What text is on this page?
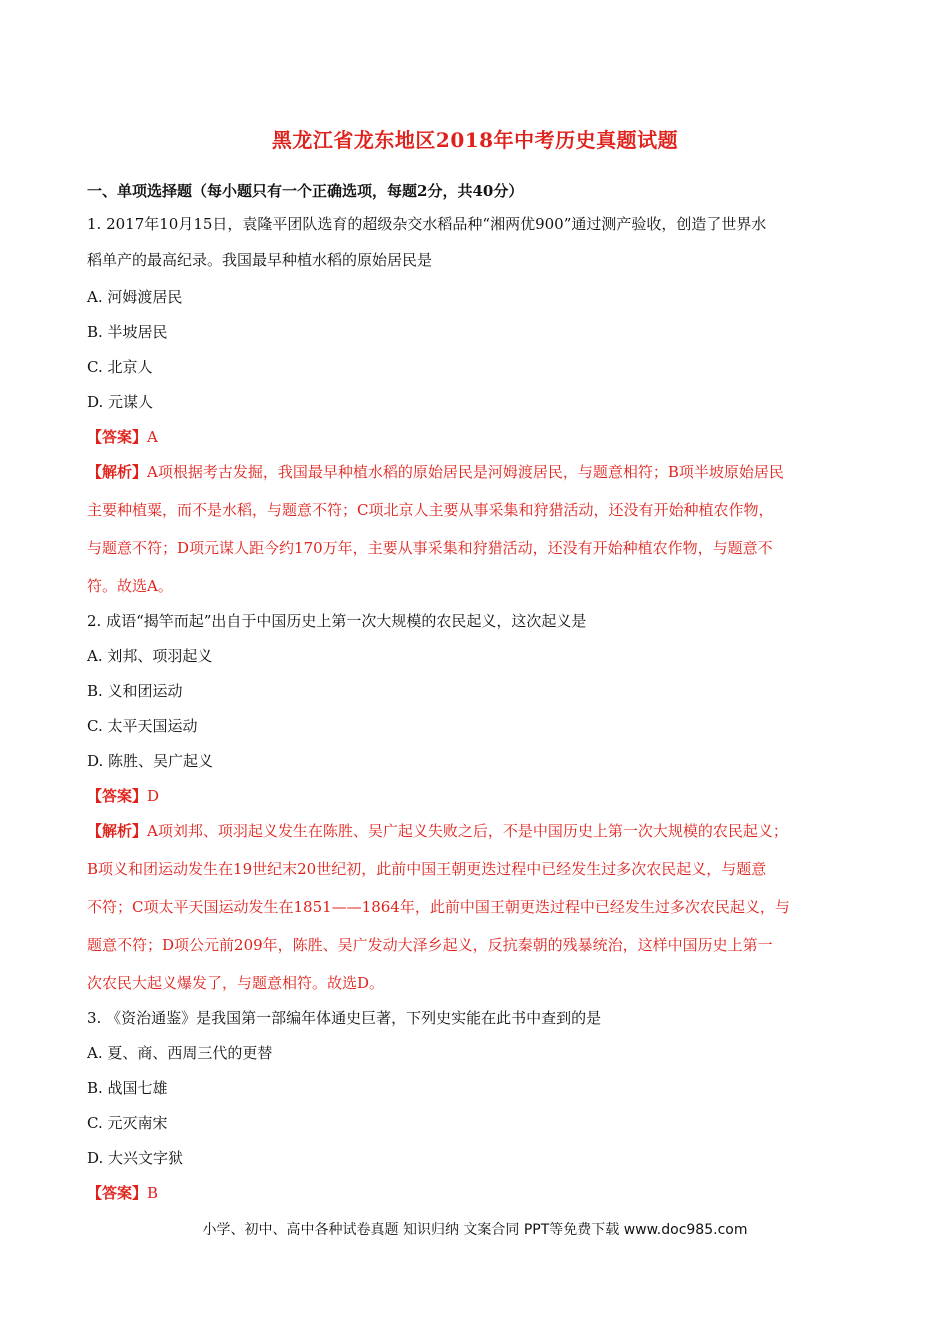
黑龙江省龙东地区2018年中考历史真题试题
一、单项选择题（每小题只有一个正确选项，每题2分，共40分）
1. 2017年10月15日，袁隆平团队选育的超级杂交水稻品种“湘两优900”通过测产验收，创造了世界水
稻单产的最高纪录。我国最早种植水稻的原始居民是
A. 河姆渡居民
B. 半坡居民
C. 北京人
D. 元谋人
【答案】A
【解析】A项根据考古发掘，我国最早种植水稻的原始居民是河姆渡居民，与题意相符；B项半坡原始居民
主要种植粟，而不是水稻，与题意不符；C项北京人主要从事采集和狩猎活动，还没有开始种植农作物，
与题意不符；D项元谋人距今约170万年，主要从事采集和狩猎活动，还没有开始种植农作物，与题意不
符。故选A。
2. 成语“揭竿而起”出自于中国历史上第一次大规模的农民起义，这次起义是
A. 刘邦、项羽起义
B. 义和团运动
C. 太平天国运动
D. 陈胜、吴广起义
【答案】D
【解析】A项刘邦、项羽起义发生在陈胜、吴广起义失败之后，不是中国历史上第一次大规模的农民起义；
B项义和团运动发生在19世纪末20世纪初，此前中国王朝更迭过程中已经发生过多次农民起义，与题意
不符；C项太平天国运动发生在1851——1864年，此前中国王朝更迭过程中已经发生过多次农民起义，与
题意不符；D项公元前209年，陈胜、吴广发动大泽乡起义，反抗秦朝的残暴统治，这样中国历史上第一
次农民大起义爆发了，与题意相符。故选D。
3. 《资治通鉴》是我国第一部编年体通史巨著，下列史实能在此书中查到的是
A. 夏、商、西周三代的更替
B. 战国七雄
C. 元灭南宋
D. 大兴文字狱
【答案】B
小学、初中、高中各种试卷真题 知识归纳 文案合同 PPT等免费下载 www.doc985.com
